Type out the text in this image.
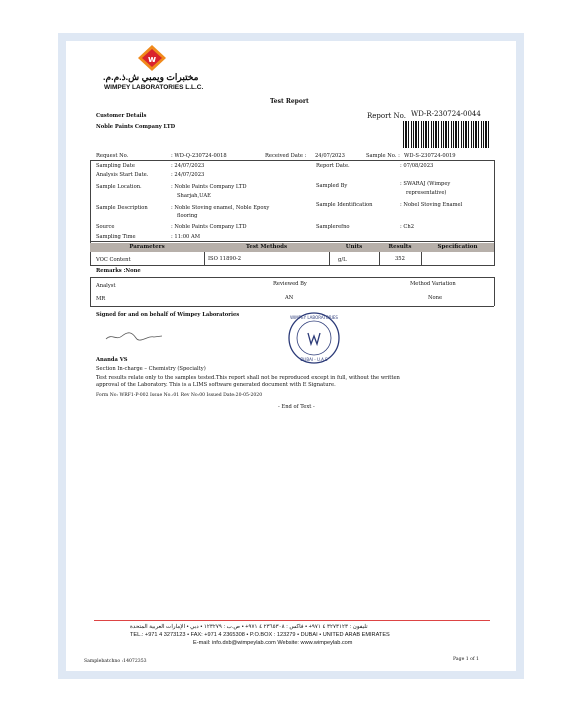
w
مختبرات ويمبي ش.ذ.م.م.
WIMPEY LABORATORIES L.L.C.
Test Report
Customer Details
Noble Paints Company LTD
Report No. WD-R-230724-0044
Request No.	: WD-Q-230724-0018	Received Date : 24/07/2023	Sample No. : WD-S-230724-0019
Sampling Date	: 24/07/2023	Report Date.	: 07/08/2023
Analysis Start Date.	: 24/07/2023
Sample Location.	: Noble Paints Company LTD
Sharjah,UAE
Sampled By	: SWARAJ (Wimpey
representative)
Sample Description	: Noble Stoving enamel, Noble Epoxy
flooring
Sample Identification	: Nobel Stoving Enamel
Source	: Noble Paints Company LTD	Samplerefno	: Ch2
Sampling Time	: 11:00 AM
Parameters	Test Methods	Units	Results	Specification
VOC Content	ISO 11890-2	g/L	352
Remarks :None
Analyst	Reviewed By	Method Variation
MR	AN	None
Signed for and on behalf of Wimpey Laboratories	WIMPEY LABORATORIES
DUBAI - U.A.E
Ananda VS
Section In-charge – Chemistry (Specialty)
Test results relate only to the samples tested.This report shall not be reproduced except in full, without the written
approval of the Laboratory. This is a LIMS software generated document with E Signature.
Form No: WRF1-P-002 Issue No.:01 Rev No:00 Issued Date:20-05-2020
- End of Text -
تليفون : ٣٢٧٣١٢٣ ٤ ٩٧١+ • فاكس : ٢٣٦٥٣٠٨ ٤ ٩٧١+ • ص.ب : ١٢٣٢٧٩ • دبي • الإمارات العربية المتحدة
TEL.: +971 4 3273123 • FAX: +971 4 2365308 • P.O.BOX : 123279 • DUBAI • UNITED ARAB EMIRATES
E-mail: info.dxb@wimpeylab.com Website: www.wimpeylab.com
Samplebatchno :14072353	Page 1 of 1
